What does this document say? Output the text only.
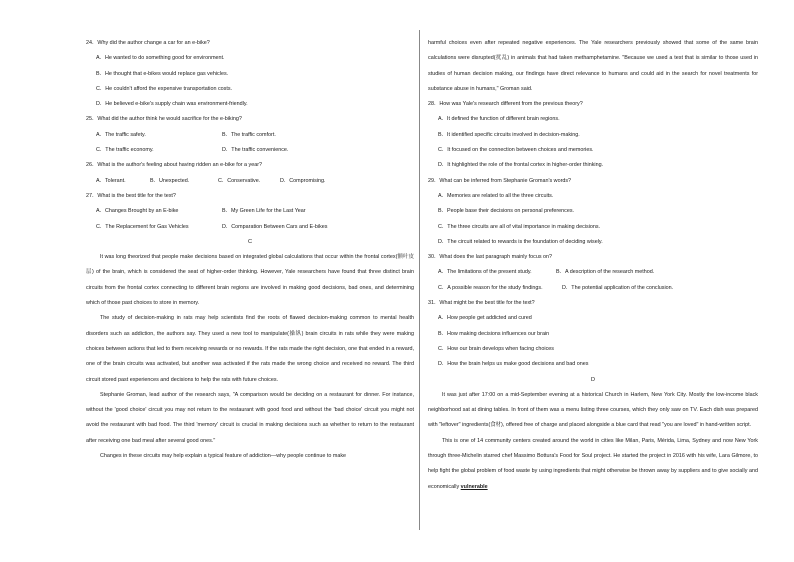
24．Why did the author change a car for an e-bike?
A．He wanted to do something good for environment.
B．He thought that e-bikes would replace gas vehicles.
C．He couldn't afford the expensive transportation costs.
D．He believed e-bike's supply chain was environment-friendly.
25．What did the author think he would sacrifice for the e-biking?
A．The traffic safety.	B．The traffic comfort.
C．The traffic economy.	D．The traffic convenience.
26．What is the author's feeling about having ridden an e-bike for a year?
A．Tolerant.	B．Unexpected.	C．Conservative.	D．Compromising.
27．What is the best title for the text?
A．Changes Brought by an E-bike	B．My Green Life for the Last Year
C．The Replacement for Gas Vehicles	D．Comparation Between Cars and E-bikes
C
It was long theorized that people make decisions based on integrated global calculations that occur within the frontal cortex(额叶皮层) of the brain, which is considered the seat of higher-order thinking. However, Yale researchers have found that three distinct brain circuits from the frontal cortex connecting to different brain regions are involved in making good decisions, bad ones, and determining which of those past choices to store in memory.
The study of decision-making in rats may help scientists find the roots of flawed decision-making common to mental health disorders such as addiction, the authors say. They used a new tool to manipulate(操纵) brain circuits in rats while they were making choices between actions that led to them receiving rewards or no rewards. If the rats made the right decision, one that ended in a reward, one of the brain circuits was activated, but another was activated if the rats made the wrong choice and received no reward. The third circuit stored past experiences and decisions to help the rats with future choices.
Stephanie Groman, lead author of the research says, "A comparison would be deciding on a restaurant for dinner. For instance, without the 'good choice' circuit you may not return to the restaurant with good food and without the 'bad choice' circuit you might not avoid the restaurant with bad food. The third 'memory' circuit is crucial in making decisions such as whether to return to the restaurant after receiving one bad meal after several good ones."
Changes in these circuits may help explain a typical feature of addiction—why people continue to make
harmful choices even after repeated negative experiences. The Yale researchers previously showed that some of the same brain calculations were disrupted(扰乱) in animals that had taken methamphetamine. "Because we used a test that is similar to those used in studies of human decision making, our findings have direct relevance to humans and could aid in the search for novel treatments for substance abuse in humans," Groman said.
28．How was Yale's research different from the previous theory?
A．It defined the function of different brain regions.
B．It identified specific circuits involved in decision-making.
C．It focused on the connection between choices and memories.
D．It highlighted the role of the frontal cortex in higher-order thinking.
29．What can be inferred from Stephanie Groman's words?
A．Memories are related to all the three circuits.
B．People base their decisions on personal preferences.
C．The three circuits are all of vital importance in making decisions.
D．The circuit related to rewards is the foundation of deciding wisely.
30．What does the last paragraph mainly focus on?
A．The limitations of the present study.	B．A description of the research method.
C．A possible reason for the study findings.	D．The potential application of the conclusion.
31．What might be the best title for the text?
A．How people get addicted and cured
B．How making decisions influences our brain
C．How our brain develops when facing choices
D．How the brain helps us make good decisions and bad ones
D
It was just after 17:00 on a mid-September evening at a historical Church in Harlem, New York City. Mostly the low-income black neighborhood sat at dining tables. In front of them was a menu listing three courses, which they only saw on TV. Each dish was prepared with "leftover" ingredients(食材), offered free of charge and placed alongside a blue card that read "you are loved" in hand-written script.
This is one of 14 community centers created around the world in cities like Milan, Paris, Mérida, Lima, Sydney and now New York through three-Michelin starred chef Massimo Bottura's Food for Soul project. He started the project in 2016 with his wife, Lara Gilmore, to help fight the global problem of food waste by using ingredients that might otherwise be thrown away by suppliers and to give socially and economically vulnerable
